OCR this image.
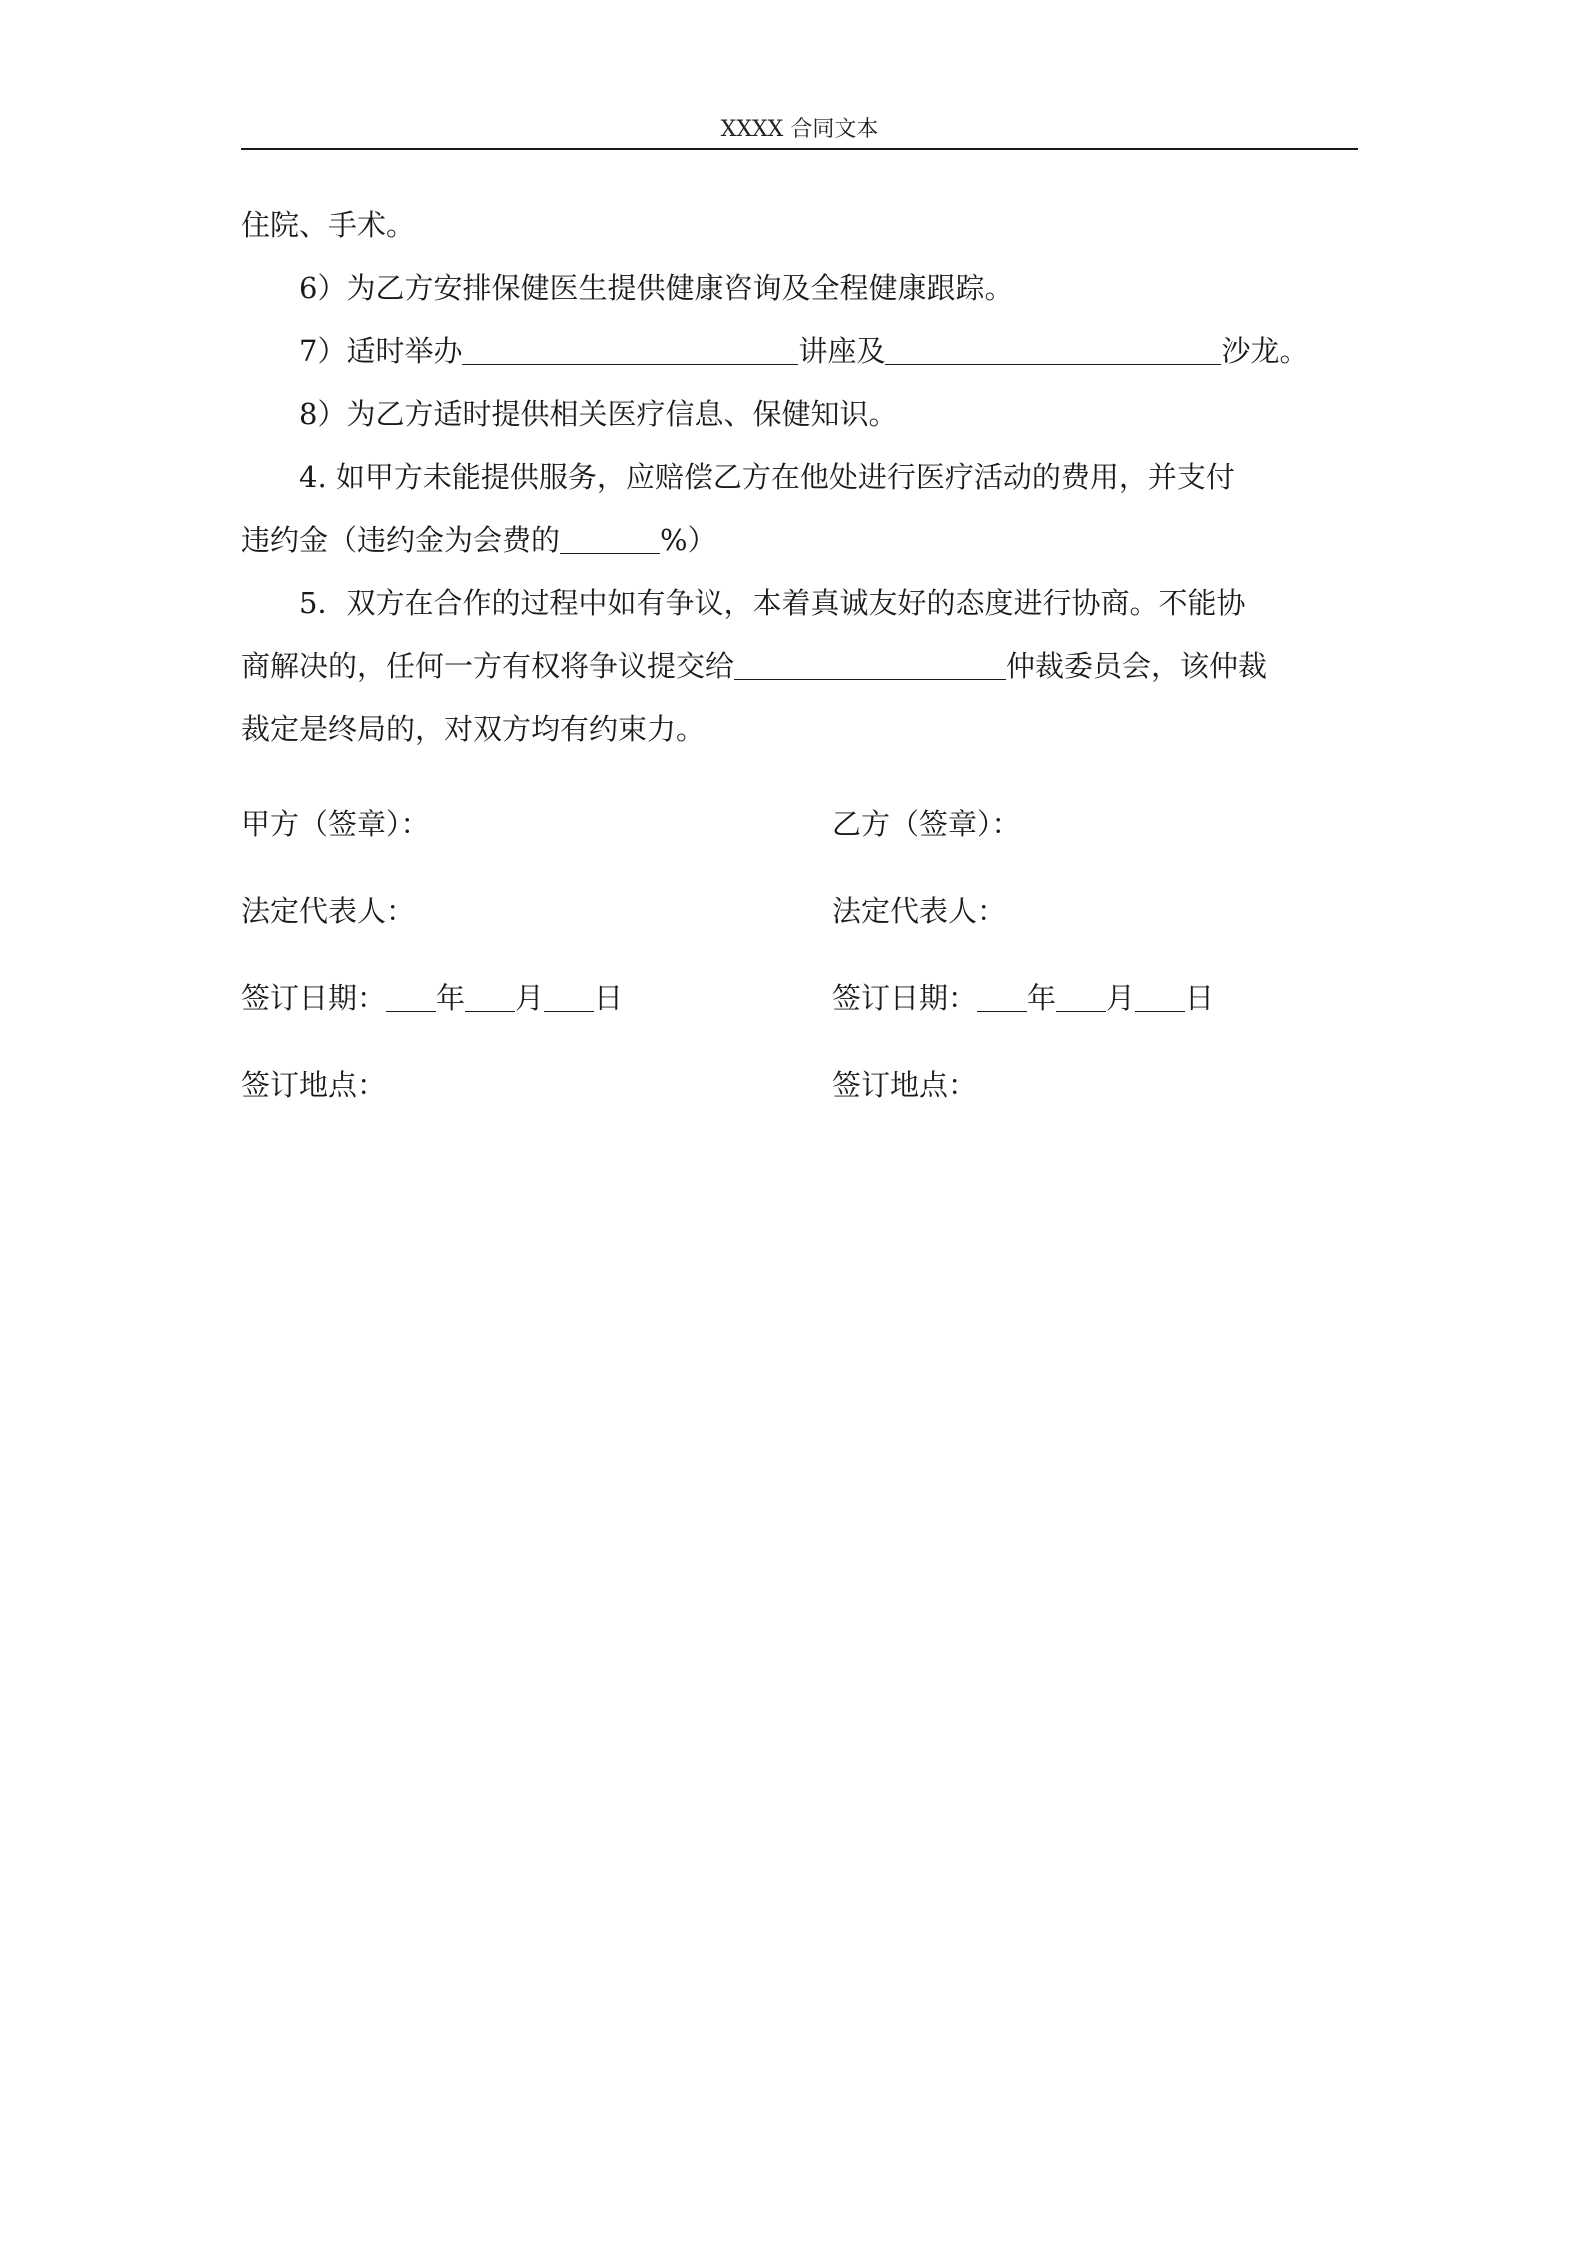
XXXX 合同文本

住院、手术。

6）为乙方安排保健医生提供健康咨询及全程健康跟踪。

7）适时举办	讲座及	沙龙。

8）为乙方适时提供相关医疗信息、保健知识。

4. 如甲方未能提供服务，应赔偿乙方在他处进行医疗活动的费用，并支付

违约金（违约金为会费的	%）

5．双方在合作的过程中如有争议，本着真诚友好的态度进行协商。不能协

商解决的，任何一方有权将争议提交给	仲裁委员会，该仲裁

裁定是终局的，对双方均有约束力。

甲方（签章）：	乙方（签章）：
法定代表人：	法定代表人：
签订日期： 年 月 日	签订日期： 年 月 日
签订地点：	签订地点：
